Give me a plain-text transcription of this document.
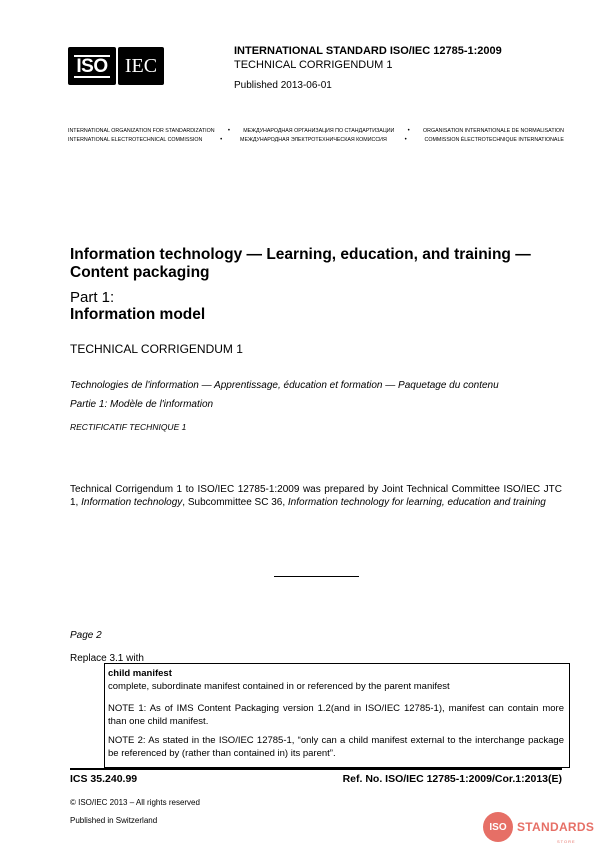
ISO IEC
INTERNATIONAL STANDARD ISO/IEC 12785-1:2009
TECHNICAL CORRIGENDUM 1
Published 2013-06-01
INTERNATIONAL ORGANIZATION FOR STANDARDIZATION •	МЕЖДУНАРОДНАЯ ОРГАНИЗАЦИЯ ПО СТАНДАРТИЗАЦИИ •	ORGANISATION INTERNATIONALE DE NORMALISATION
INTERNATIONAL ELECTROTECHNICAL COMMISSION	•	МЕЖДУНАРОДНАЯ ЭЛЕКТРОТЕХНИЧЕСКАЯ КОМИССИЯ	•	COMMISSION ÉLECTROTECHNIQUE INTERNATIONALE
Information technology — Learning, education, and training — Content packaging
Part 1:
Information model
TECHNICAL CORRIGENDUM 1
Technologies de l'information — Apprentissage, éducation et formation — Paquetage du contenu
Partie 1: Modèle de l'information
RECTIFICATIF TECHNIQUE 1
Technical Corrigendum 1 to ISO/IEC 12785-1:2009 was prepared by Joint Technical Committee ISO/IEC JTC 1, Information technology, Subcommittee SC 36, Information technology for learning, education and training
Page 2
Replace 3.1 with
child manifest

complete, subordinate manifest contained in or referenced by the parent manifest

NOTE 1: As of IMS Content Packaging version 1.2(and in ISO/IEC 12785-1), manifest can contain more than one child manifest.

NOTE 2: As stated in the ISO/IEC 12785-1, “only can a child manifest external to the interchange package be referenced by (rather than contained in) its parent”.

ICS 35.240.99	Ref. No. ISO/IEC 12785-1:2009/Cor.1:2013(E)
© ISO/IEC 2013 – All rights reserved
Published in Switzerland
ISO STANDARDS
STORE
